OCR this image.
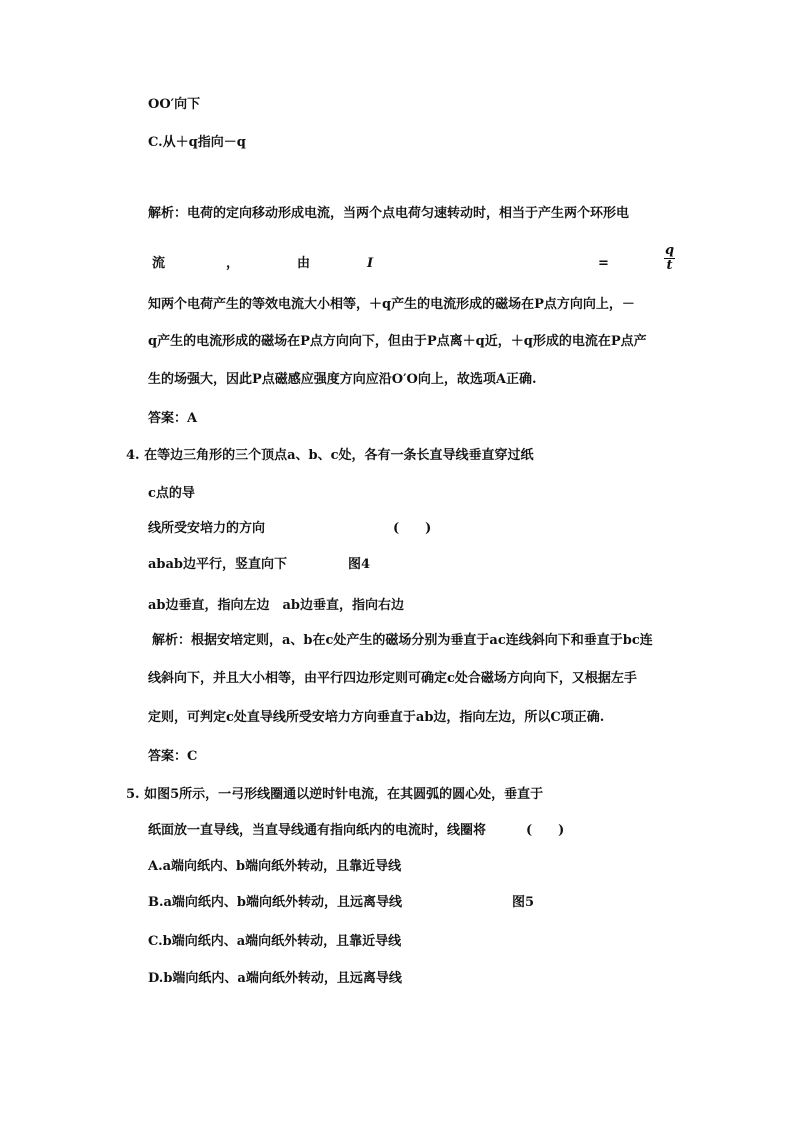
OO′向下
C.从＋q指向－q
解析：电荷的定向移动形成电流，当两个点电荷匀速转动时，相当于产生两个环形电
流	，	由	I	=	$\frac{q}{t}$
知两个电荷产生的等效电流大小相等，＋q产生的电流形成的磁场在P点方向向上，－
q产生的电流形成的磁场在P点方向向下，但由于P点离＋q近，＋q形成的电流在P点产
生的场强大，因此P点磁感应强度方向应沿O′O向上，故选项A正确.
答案：A
4. 在等边三角形的三个顶点a、b、c处，各有一条长直导线垂直穿过纸
c点的导
线所受安培力的方向	(　　)
abab边平行，竖直向下	图4
ab边垂直，指向左边　ab边垂直，指向右边
解析：根据安培定则，a、b在c处产生的磁场分别为垂直于ac连线斜向下和垂直于bc连
线斜向下，并且大小相等，由平行四边形定则可确定c处合磁场方向向下，又根据左手
定则，可判定c处直导线所受安培力方向垂直于ab边，指向左边，所以C项正确.
答案：C
5. 如图5所示，一弓形线圈通以逆时针电流，在其圆弧的圆心处，垂直于
纸面放一直导线，当直导线通有指向纸内的电流时，线圈将	(　　)
A.a端向纸内、b端向纸外转动，且靠近导线
B.a端向纸内、b端向纸外转动，且远离导线	图5
C.b端向纸内、a端向纸外转动，且靠近导线
D.b端向纸内、a端向纸外转动，且远离导线
